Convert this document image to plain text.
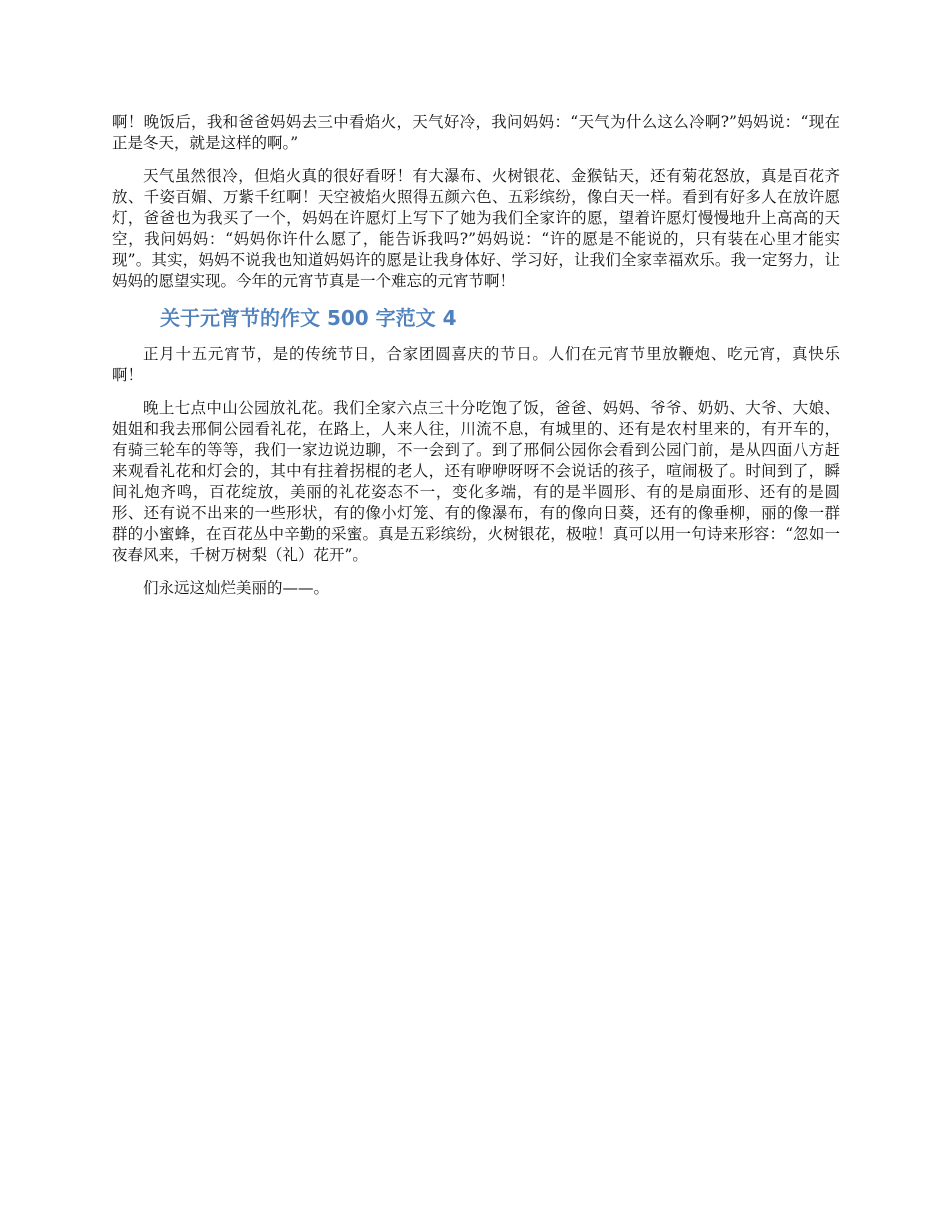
啊！晚饭后，我和爸爸妈妈去三中看焰火，天气好冷，我问妈妈：“天气为什么这么冷啊?”妈妈说：“现在正是冬天，就是这样的啊。”

天气虽然很冷，但焰火真的很好看呀！有大瀑布、火树银花、金猴钻天，还有菊花怒放，真是百花齐放、千姿百媚、万紫千红啊！天空被焰火照得五颜六色、五彩缤纷，像白天一样。看到有好多人在放许愿灯，爸爸也为我买了一个，妈妈在许愿灯上写下了她为我们全家许的愿，望着许愿灯慢慢地升上高高的天空，我问妈妈：“妈妈你许什么愿了，能告诉我吗?”妈妈说：“许的愿是不能说的，只有装在心里才能实现”。其实，妈妈不说我也知道妈妈许的愿是让我身体好、学习好，让我们全家幸福欢乐。我一定努力，让妈妈的愿望实现。今年的元宵节真是一个难忘的元宵节啊！

关于元宵节的作文 500 字范文 4

正月十五元宵节，是的传统节日，合家团圆喜庆的节日。人们在元宵节里放鞭炮、吃元宵，真快乐啊！

晚上七点中山公园放礼花。我们全家六点三十分吃饱了饭，爸爸、妈妈、爷爷、奶奶、大爷、大娘、姐姐和我去邢侗公园看礼花，在路上，人来人往，川流不息，有城里的、还有是农村里来的，有开车的，有骑三轮车的等等，我们一家边说边聊，不一会到了。到了邢侗公园你会看到公园门前，是从四面八方赶来观看礼花和灯会的，其中有拄着拐棍的老人，还有咿咿呀呀不会说话的孩子，喧闹极了。时间到了，瞬间礼炮齐鸣，百花绽放，美丽的礼花姿态不一，变化多端，有的是半圆形、有的是扇面形、还有的是圆形、还有说不出来的一些形状，有的像小灯笼、有的像瀑布，有的像向日葵，还有的像垂柳，丽的像一群群的小蜜蜂，在百花丛中辛勤的采蜜。真是五彩缤纷，火树银花，极啦！真可以用一句诗来形容：“忽如一夜春风来，千树万树梨（礼）花开”。

们永远这灿烂美丽的——。
